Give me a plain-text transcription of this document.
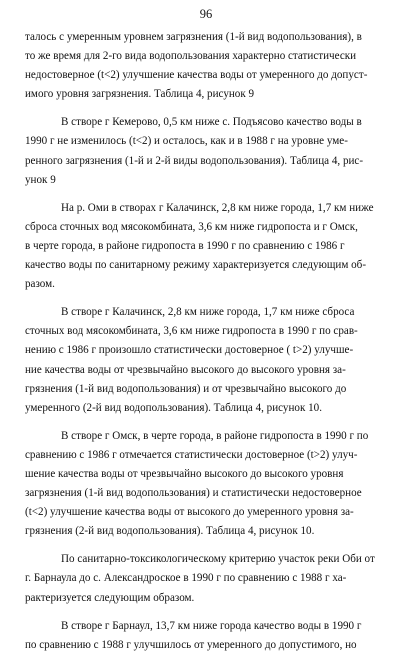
96

талось с умеренным уровнем загрязнения (1-й вид водопользования), в
то же время для 2-го вида водопользования характерно статистически
недостоверное (t<2) улучшение качества воды от умеренного до допуст-
имого уровня загрязнения. Таблица 4, рисунок 9

В створе г Кемерово, 0,5 км ниже с. Подъясово качество воды в
1990 г не изменилось (t<2) и осталось, как и в 1988 г на уровне уме-
ренного загрязнения (1-й и 2-й виды водопользования). Таблица 4, рис-
унок 9

На р. Оми в створах г Калачинск, 2,8 км ниже города, 1,7 км ниже
сброса сточных вод мясокомбината, 3,6 км ниже гидропоста и г Омск,
в черте города, в районе гидропоста в 1990 г по сравнению с 1986 г
качество воды по санитарному режиму характеризуется следующим об-
разом.

В створе г Калачинск, 2,8 км ниже города, 1,7 км ниже сброса
сточных вод мясокомбината, 3,6 км ниже гидропоста в 1990 г по срав-
нению с 1986 г произошло статистически достоверное ( t>2) улучше-
ние качества воды от чрезвычайно высокого до высокого уровня за-
грязнения (1-й вид водопользования) и от чрезвычайно высокого до
умеренного (2-й вид водопользования). Таблица 4, рисунок 10.

В створе г Омск, в черте города, в районе гидропоста в 1990 г по
сравнению с 1986 г отмечается статистически достоверное (t>2) улуч-
шение качества воды от чрезвычайно высокого до высокого уровня
загрязнения (1-й вид водопользования) и статистически недостоверное
(t<2) улучшение качества воды от высокого до умеренного уровня за-
грязнения (2-й вид водопользования). Таблица 4, рисунок 10.

По санитарно-токсикологическому критерию участок реки Оби от
г. Барнаула до с. Александроское в 1990 г по сравнению с 1988 г ха-
рактеризуется следующим образом.

В створе г Барнаул, 13,7 км ниже города качество воды в 1990 г
по сравнению с 1988 г улучшилось от умеренного до допустимого, но
